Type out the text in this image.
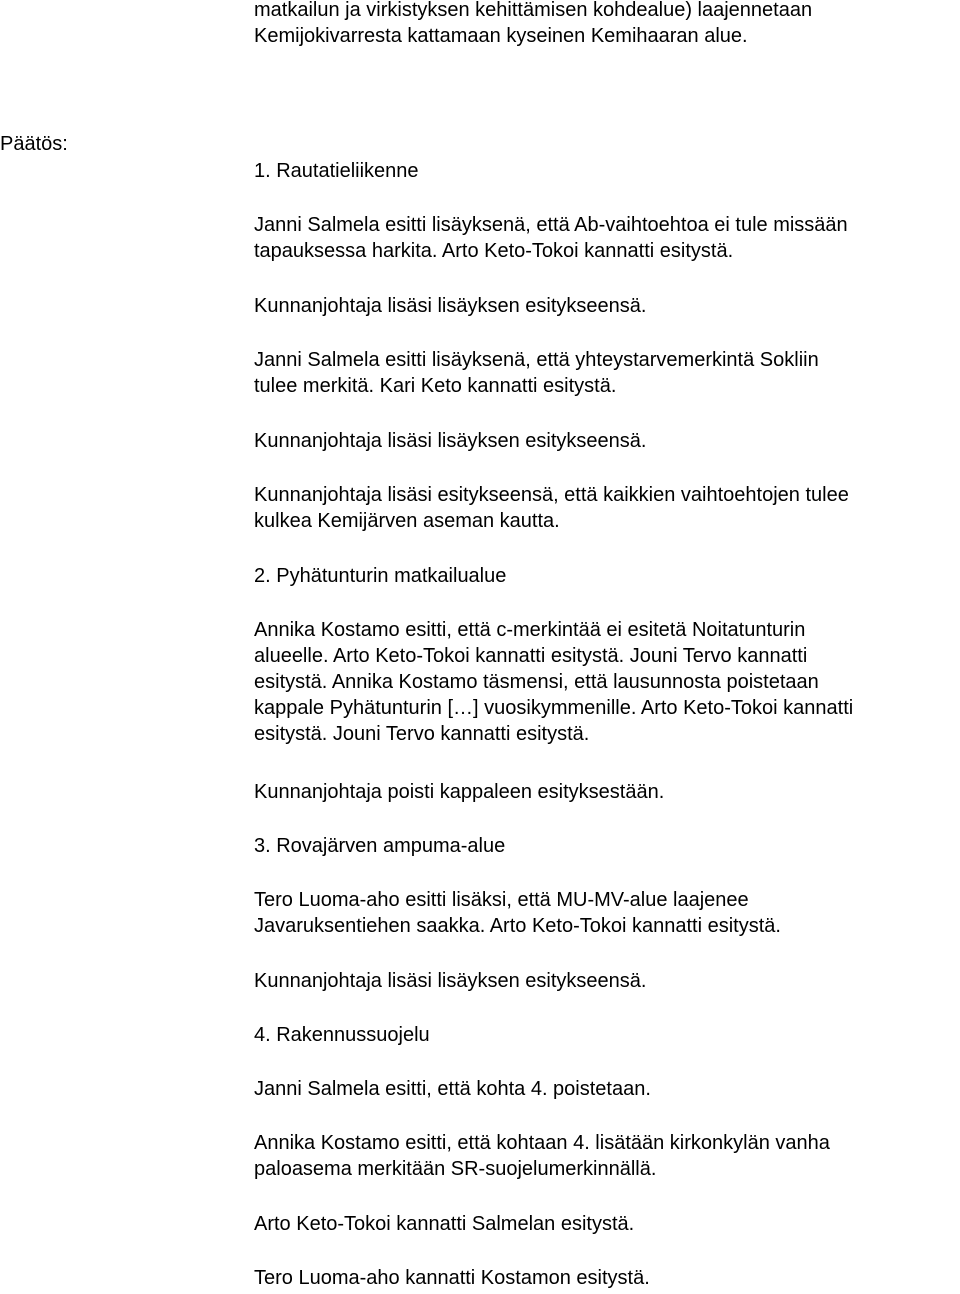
Päätös:

matkailun ja virkistyksen kehittämisen kohdealue) laajennetaan
Kemijokivarresta kattamaan kyseinen Kemihaaran alue.

1. Rautatieliikenne

Janni Salmela esitti lisäyksenä, että Ab-vaihtoehtoa ei tule missään
tapauksessa harkita. Arto Keto-Tokoi kannatti esitystä.

Kunnanjohtaja lisäsi lisäyksen esitykseensä.

Janni Salmela esitti lisäyksenä, että yhteystarvemerkintä Sokliin
tulee merkitä. Kari Keto kannatti esitystä.

Kunnanjohtaja lisäsi lisäyksen esitykseensä.

Kunnanjohtaja lisäsi esitykseensä, että kaikkien vaihtoehtojen tulee
kulkea Kemijärven aseman kautta.

2. Pyhätunturin matkailualue

Annika Kostamo esitti, että c-merkintää ei esitetä Noitatunturin
alueelle. Arto Keto-Tokoi kannatti esitystä. Jouni Tervo kannatti
esitystä. Annika Kostamo täsmensi, että lausunnosta poistetaan
kappale Pyhätunturin […] vuosikymmenille. Arto Keto-Tokoi kannatti
esitystä. Jouni Tervo kannatti esitystä.

Kunnanjohtaja poisti kappaleen esityksestään.

3. Rovajärven ampuma-alue

Tero Luoma-aho esitti lisäksi, että MU-MV-alue laajenee
Javaruksentiehen saakka. Arto Keto-Tokoi kannatti esitystä.

Kunnanjohtaja lisäsi lisäyksen esitykseensä.

4. Rakennussuojelu

Janni Salmela esitti, että kohta 4. poistetaan.

Annika Kostamo esitti, että kohtaan 4. lisätään kirkonkylän vanha
paloasema merkitään SR-suojelumerkinnällä.

Arto Keto-Tokoi kannatti Salmelan esitystä.

Tero Luoma-aho kannatti Kostamon esitystä.
